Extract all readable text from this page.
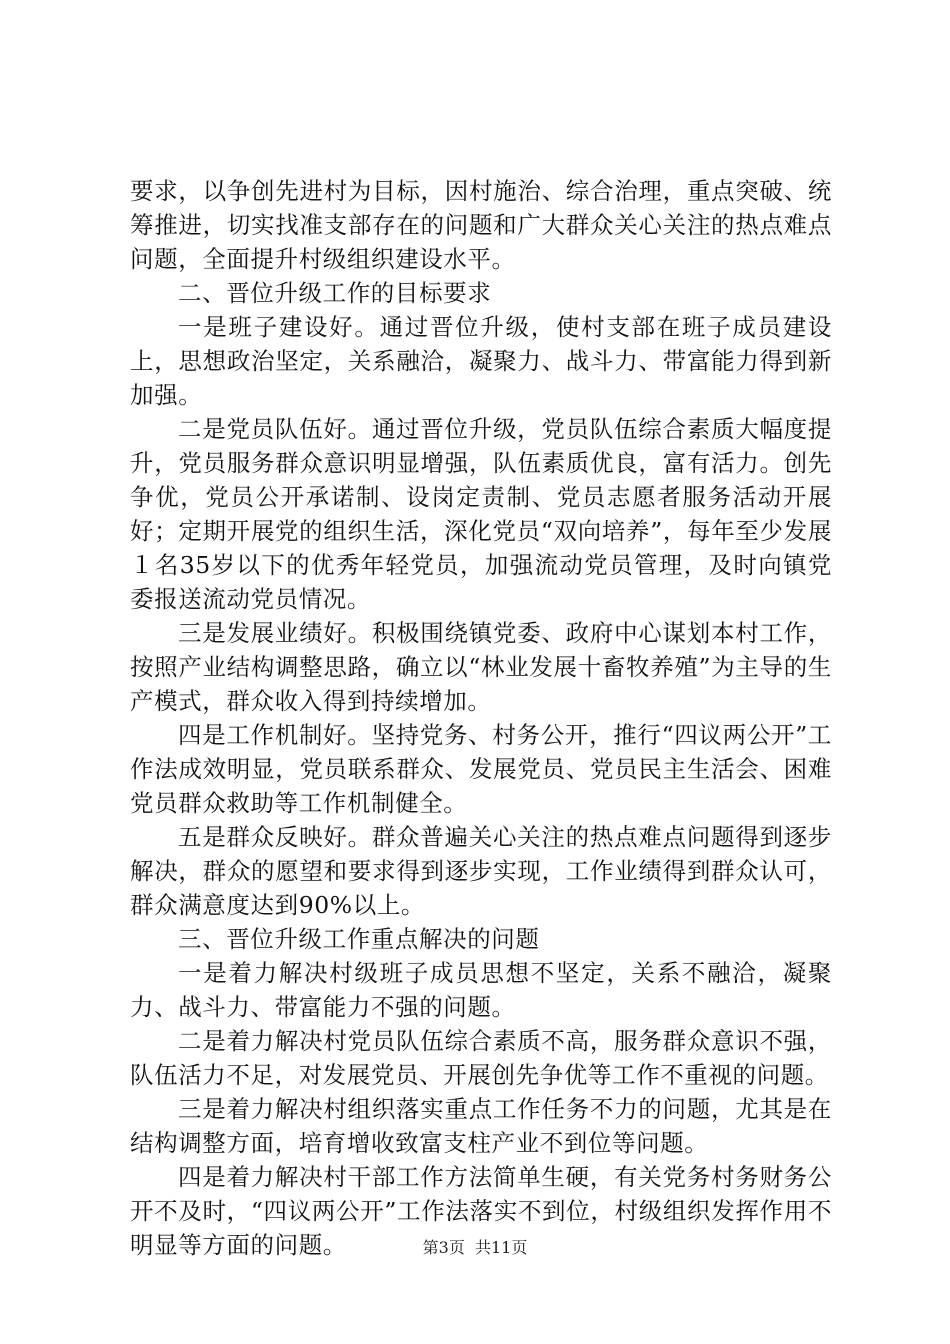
要求，以争创先进村为目标，因村施治、综合治理，重点突破、统筹推进，切实找准支部存在的问题和广大群众关心关注的热点难点问题，全面提升村级组织建设水平。

二、晋位升级工作的目标要求

一是班子建设好。通过晋位升级，使村支部在班子成员建设上，思想政治坚定，关系融洽，凝聚力、战斗力、带富能力得到新加强。

二是党员队伍好。通过晋位升级，党员队伍综合素质大幅度提升，党员服务群众意识明显增强，队伍素质优良，富有活力。创先争优，党员公开承诺制、设岗定责制、党员志愿者服务活动开展好；定期开展党的组织生活，深化党员“双向培养”，每年至少发展１名35岁以下的优秀年轻党员，加强流动党员管理，及时向镇党委报送流动党员情况。

三是发展业绩好。积极围绕镇党委、政府中心谋划本村工作，按照产业结构调整思路，确立以“林业发展十畜牧养殖”为主导的生产模式，群众收入得到持续增加。

四是工作机制好。坚持党务、村务公开，推行“四议两公开”工作法成效明显，党员联系群众、发展党员、党员民主生活会、困难党员群众救助等工作机制健全。

五是群众反映好。群众普遍关心关注的热点难点问题得到逐步解决，群众的愿望和要求得到逐步实现，工作业绩得到群众认可，群众满意度达到90%以上。

三、晋位升级工作重点解决的问题

一是着力解决村级班子成员思想不坚定，关系不融洽，凝聚力、战斗力、带富能力不强的问题。

二是着力解决村党员队伍综合素质不高，服务群众意识不强，队伍活力不足，对发展党员、开展创先争优等工作不重视的问题。

三是着力解决村组织落实重点工作任务不力的问题，尤其是在结构调整方面，培育增收致富支柱产业不到位等问题。

四是着力解决村干部工作方法简单生硬，有关党务村务财务公开不及时，“四议两公开”工作法落实不到位，村级组织发挥作用不明显等方面的问题。	第3页  共11页
